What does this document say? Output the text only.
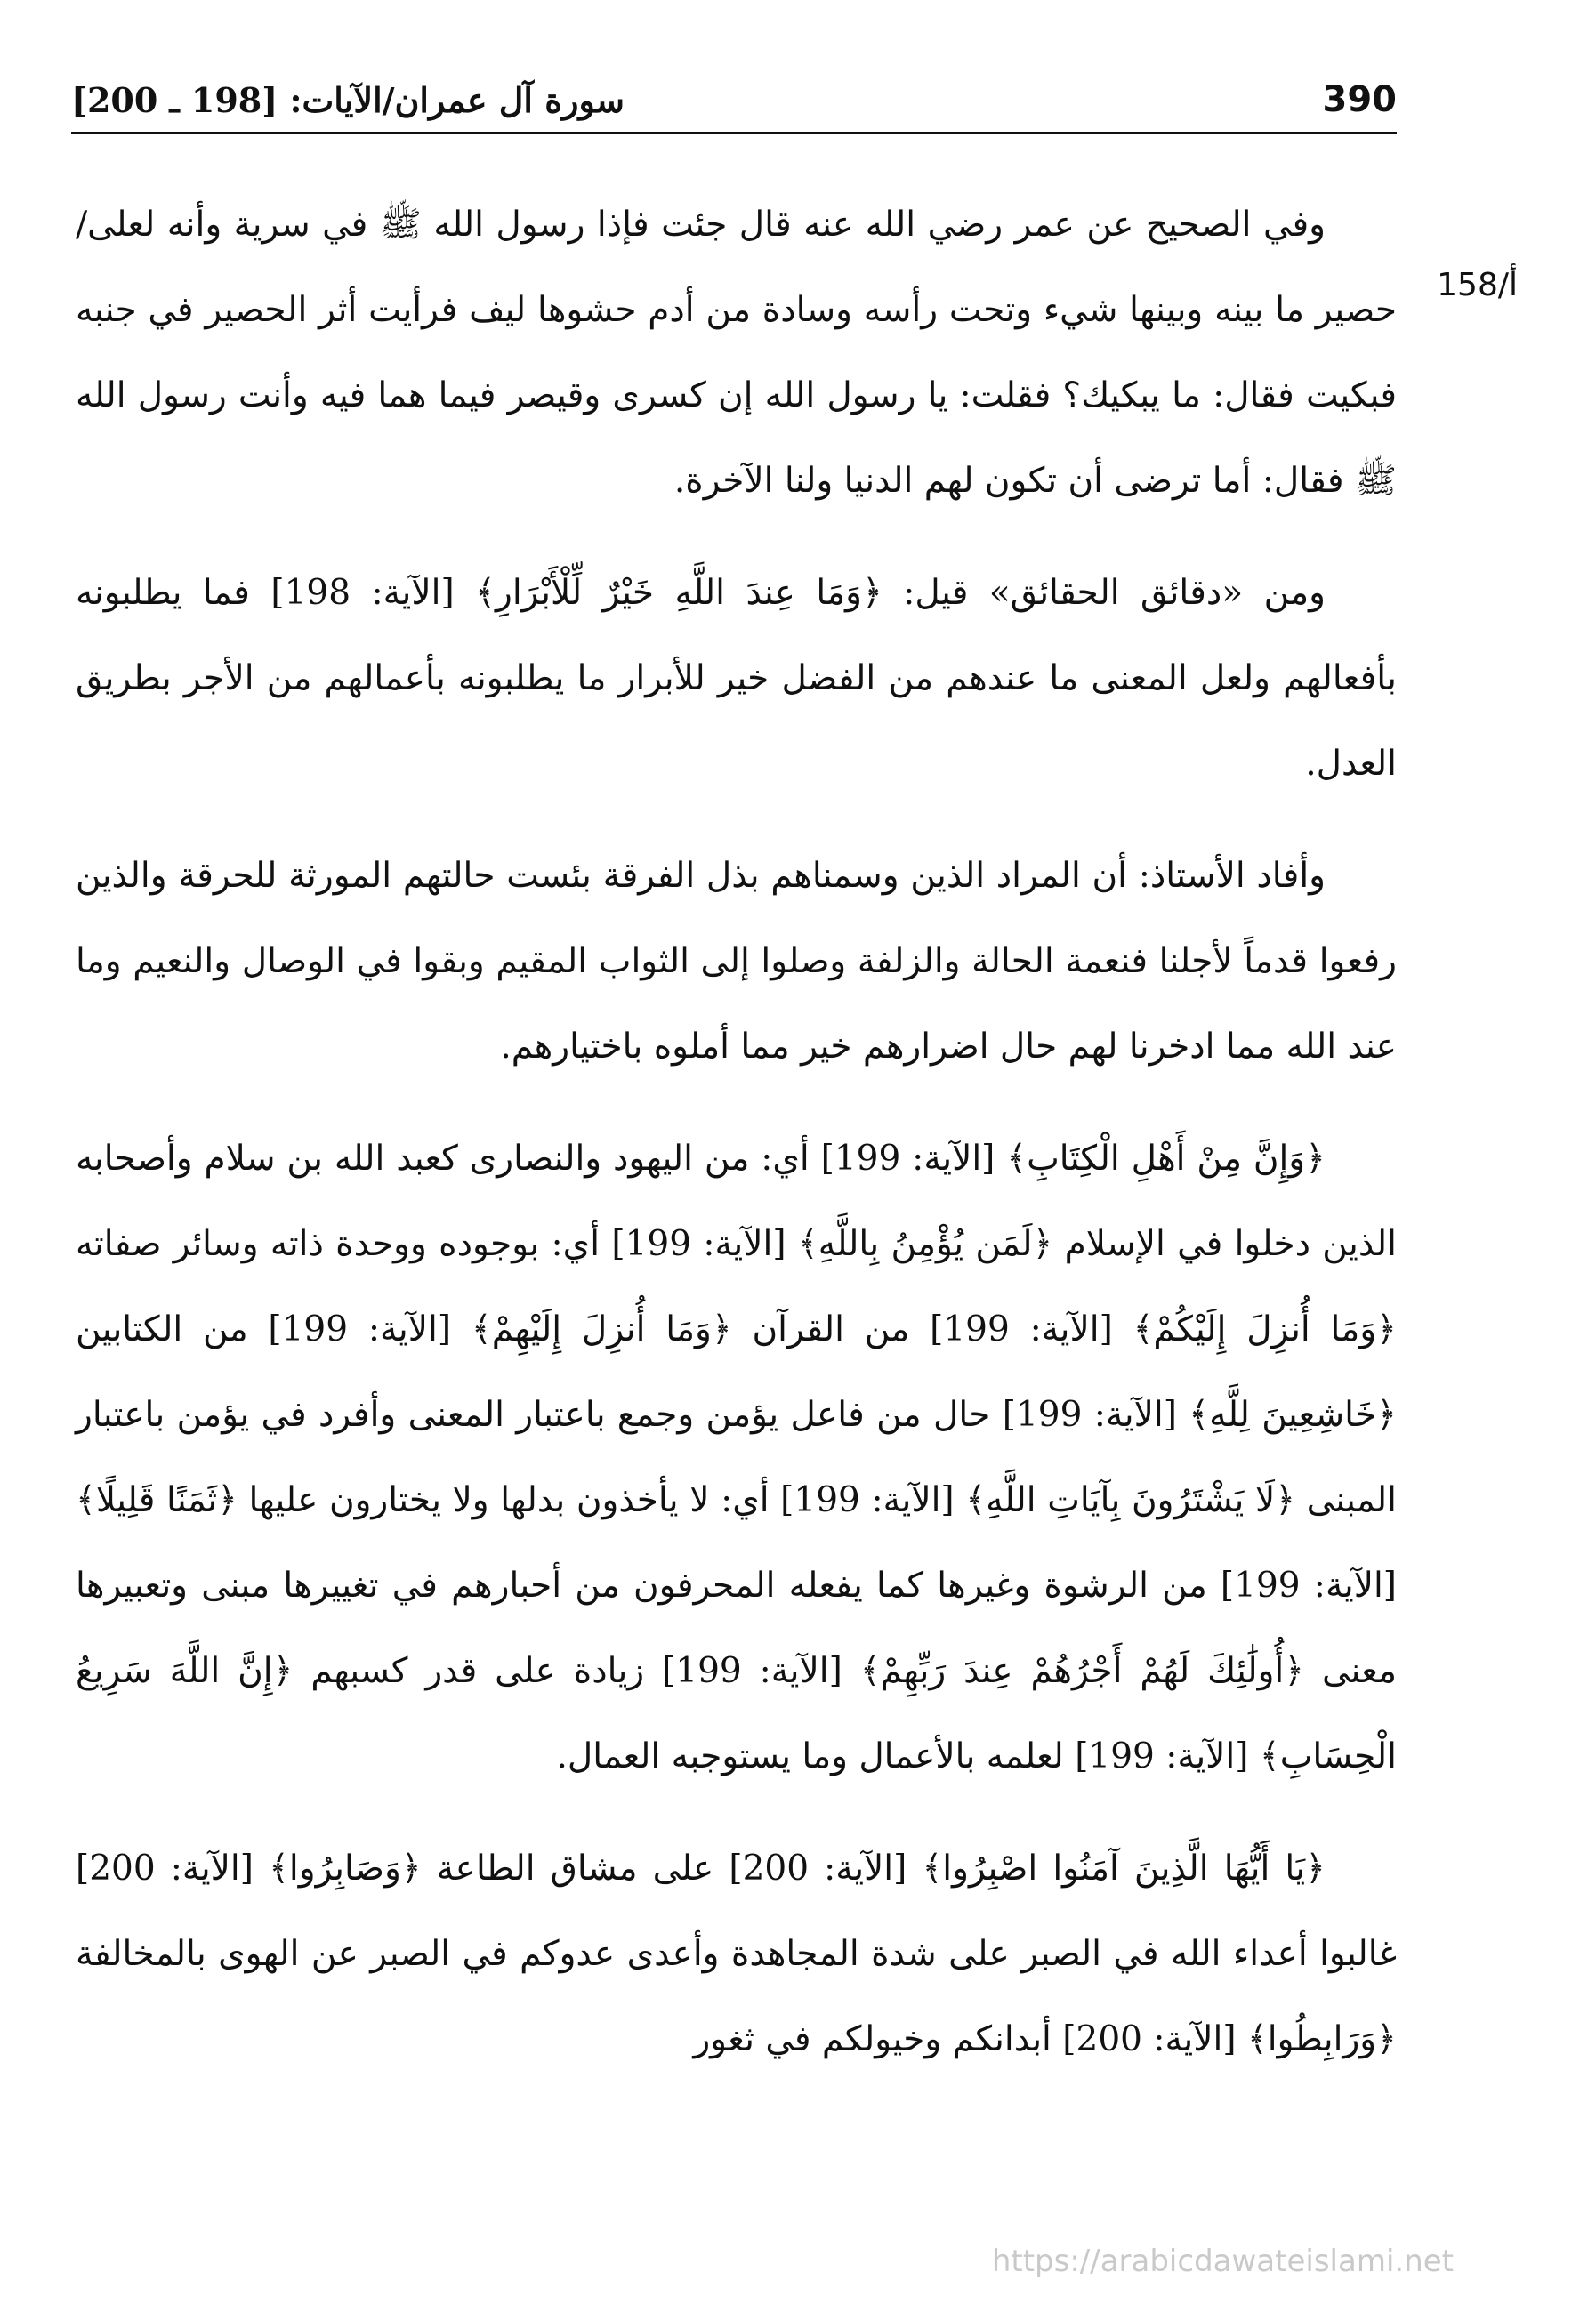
390
سورة آل عمران/الآيات: [198 ـ 200]
158/أ

وفي الصحيح عن عمر رضي الله عنه قال جئت فإذا رسول الله ﷺ في سرية وأنه لعلى/حصير ما بينه وبينها شيء وتحت رأسه وسادة من أدم حشوها ليف فرأيت أثر الحصير في جنبه فبكيت فقال: ما يبكيك؟ فقلت: يا رسول الله إن كسرى وقيصر فيما هما فيه وأنت رسول الله ﷺ فقال: أما ترضى أن تكون لهم الدنيا ولنا الآخرة.

ومن «دقائق الحقائق» قيل: ﴿وَمَا عِندَ اللَّهِ خَيْرٌ لِّلْأَبْرَارِ﴾ [الآية: 198] فما يطلبونه بأفعالهم ولعل المعنى ما عندهم من الفضل خير للأبرار ما يطلبونه بأعمالهم من الأجر بطريق العدل.

وأفاد الأستاذ: أن المراد الذين وسمناهم بذل الفرقة بئست حالتهم المورثة للحرقة والذين رفعوا قدماً لأجلنا فنعمة الحالة والزلفة وصلوا إلى الثواب المقيم وبقوا في الوصال والنعيم وما عند الله مما ادخرنا لهم حال اضرارهم خير مما أملوه باختيارهم.

﴿وَإِنَّ مِنْ أَهْلِ الْكِتَابِ﴾ [الآية: 199] أي: من اليهود والنصارى كعبد الله بن سلام وأصحابه الذين دخلوا في الإسلام ﴿لَمَن يُؤْمِنُ بِاللَّهِ﴾ [الآية: 199] أي: بوجوده ووحدة ذاته وسائر صفاته ﴿وَمَا أُنزِلَ إِلَيْكُمْ﴾ [الآية: 199] من القرآن ﴿وَمَا أُنزِلَ إِلَيْهِمْ﴾ [الآية: 199] من الكتابين ﴿خَاشِعِينَ لِلَّهِ﴾ [الآية: 199] حال من فاعل يؤمن وجمع باعتبار المعنى وأفرد في يؤمن باعتبار المبنى ﴿لَا يَشْتَرُونَ بِآيَاتِ اللَّهِ﴾ [الآية: 199] أي: لا يأخذون بدلها ولا يختارون عليها ﴿ثَمَنًا قَلِيلًا﴾ [الآية: 199] من الرشوة وغيرها كما يفعله المحرفون من أحبارهم في تغييرها مبنى وتعبيرها معنى ﴿أُولَٰئِكَ لَهُمْ أَجْرُهُمْ عِندَ رَبِّهِمْ﴾ [الآية: 199] زيادة على قدر كسبهم ﴿إِنَّ اللَّهَ سَرِيعُ الْحِسَابِ﴾ [الآية: 199] لعلمه بالأعمال وما يستوجبه العمال.

﴿يَا أَيُّهَا الَّذِينَ آمَنُوا اصْبِرُوا﴾ [الآية: 200] على مشاق الطاعة ﴿وَصَابِرُوا﴾ [الآية: 200] غالبوا أعداء الله في الصبر على شدة المجاهدة وأعدى عدوكم في الصبر عن الهوى بالمخالفة ﴿وَرَابِطُوا﴾ [الآية: 200] أبدانكم وخيولكم في ثغور

https://arabicdawateislami.net
